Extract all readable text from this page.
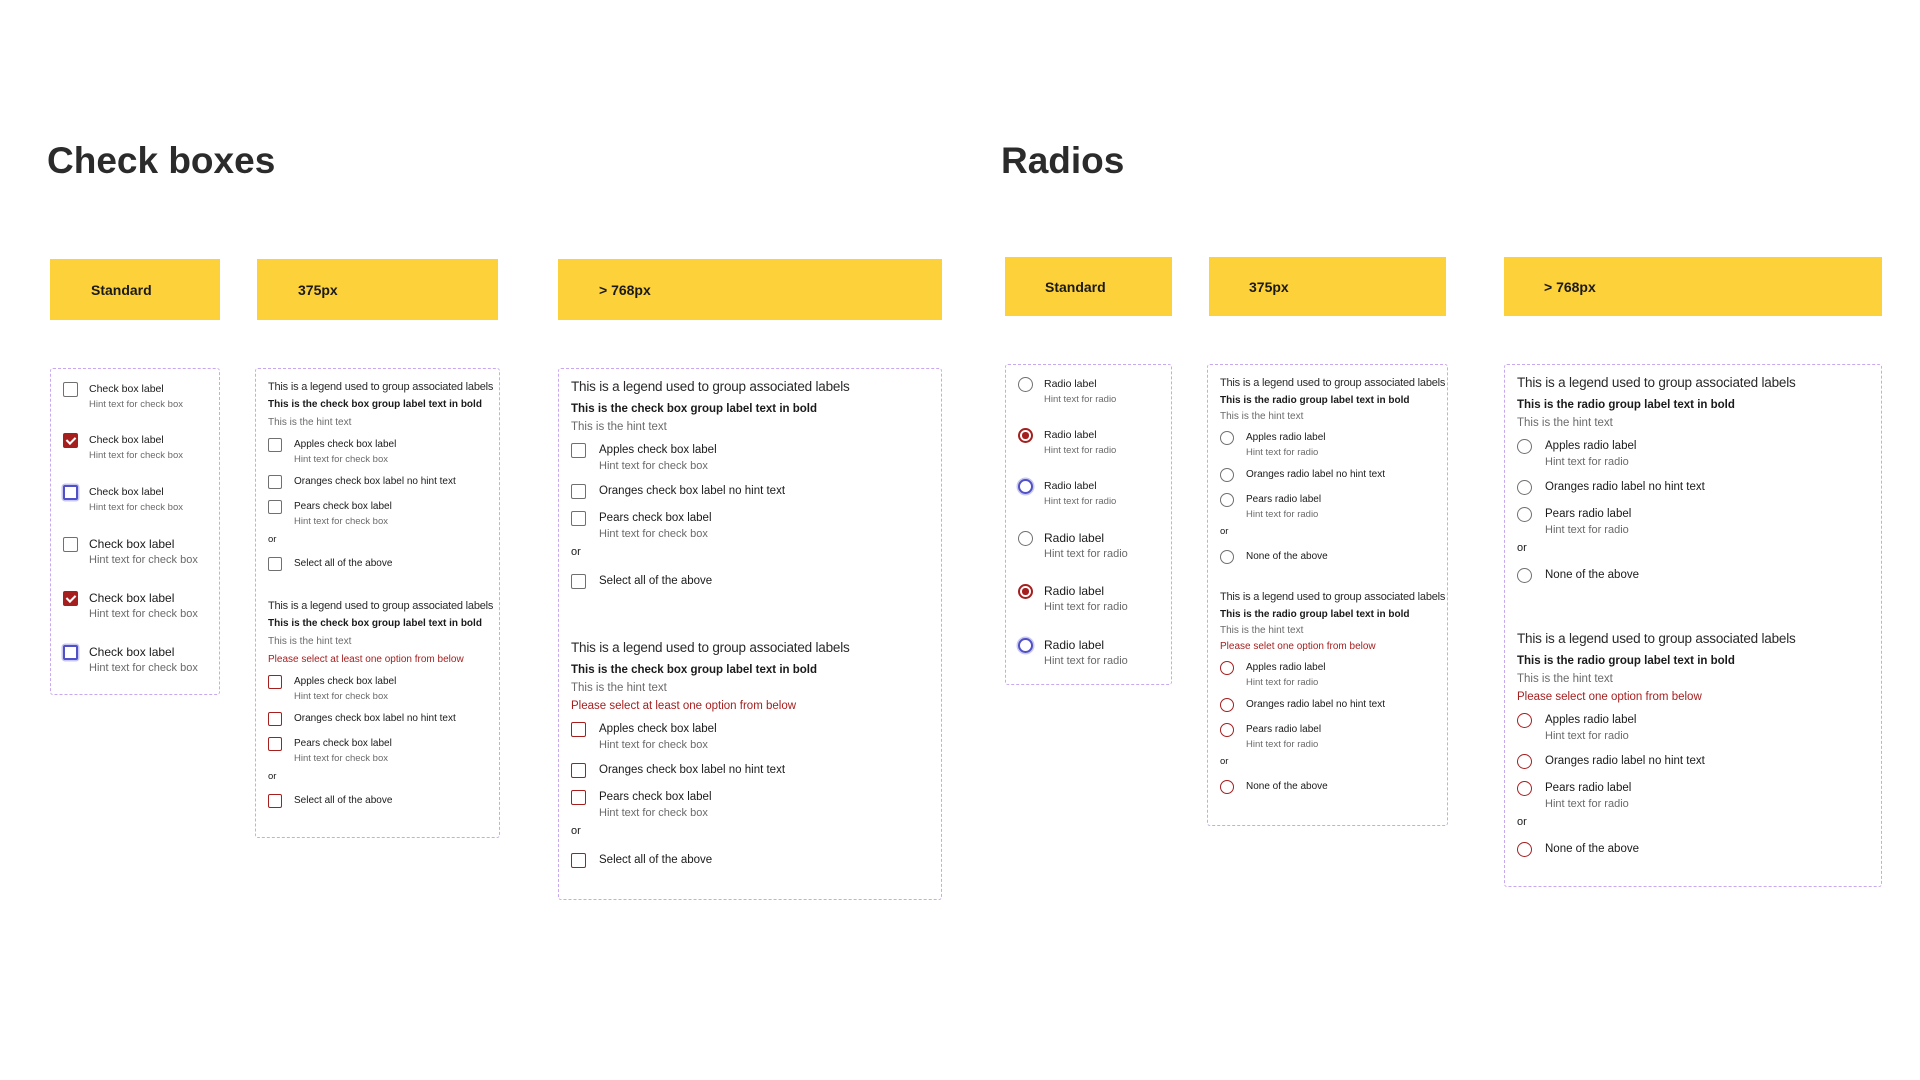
Check boxes	Radios
Standard	375px	> 768px	Standard	375px	> 768px
Check box label
Hint text for check box
Check box label
Hint text for check box
Check box label
Hint text for check box
Check box label
Hint text for check box
Check box label
Hint text for check box
Check box label
Hint text for check box
This is a legend used to group associated labels
This is the check box group label text in bold
This is the hint text
Apples check box label
Hint text for check box
Oranges check box label no hint text
Pears check box label
Hint text for check box
or
Select all of the above
This is a legend used to group associated labels
This is the check box group label text in bold
This is the hint text
Please select at least one option from below
Apples check box label
Hint text for check box
Oranges check box label no hint text
Pears check box label
Hint text for check box
or
Select all of the above
This is a legend used to group associated labels
This is the check box group label text in bold
This is the hint text
Apples check box label
Hint text for check box
Oranges check box label no hint text
Pears check box label
Hint text for check box
or
Select all of the above
This is a legend used to group associated labels
This is the check box group label text in bold
This is the hint text
Please select at least one option from below
Apples check box label
Hint text for check box
Oranges check box label no hint text
Pears check box label
Hint text for check box
or
Select all of the above
Radio label
Hint text for radio
Radio label
Hint text for radio
Radio label
Hint text for radio
Radio label
Hint text for radio
Radio label
Hint text for radio
Radio label
Hint text for radio
This is a legend used to group associated labels
This is the radio group label text in bold
This is the hint text
Apples radio label
Hint text for radio
Oranges radio label no hint text
Pears radio label
Hint text for radio
or
None of the above
This is a legend used to group associated labels
This is the radio group label text in bold
This is the hint text
Please selet one option from below
Apples radio label
Hint text for radio
Oranges radio label no hint text
Pears radio label
Hint text for radio
or
None of the above
This is a legend used to group associated labels
This is the radio group label text in bold
This is the hint text
Apples radio label
Hint text for radio
Oranges radio label no hint text
Pears radio label
Hint text for radio
or
None of the above
This is a legend used to group associated labels
This is the radio group label text in bold
This is the hint text
Please select one option from below
Apples radio label
Hint text for radio
Oranges radio label no hint text
Pears radio label
Hint text for radio
or
None of the above
